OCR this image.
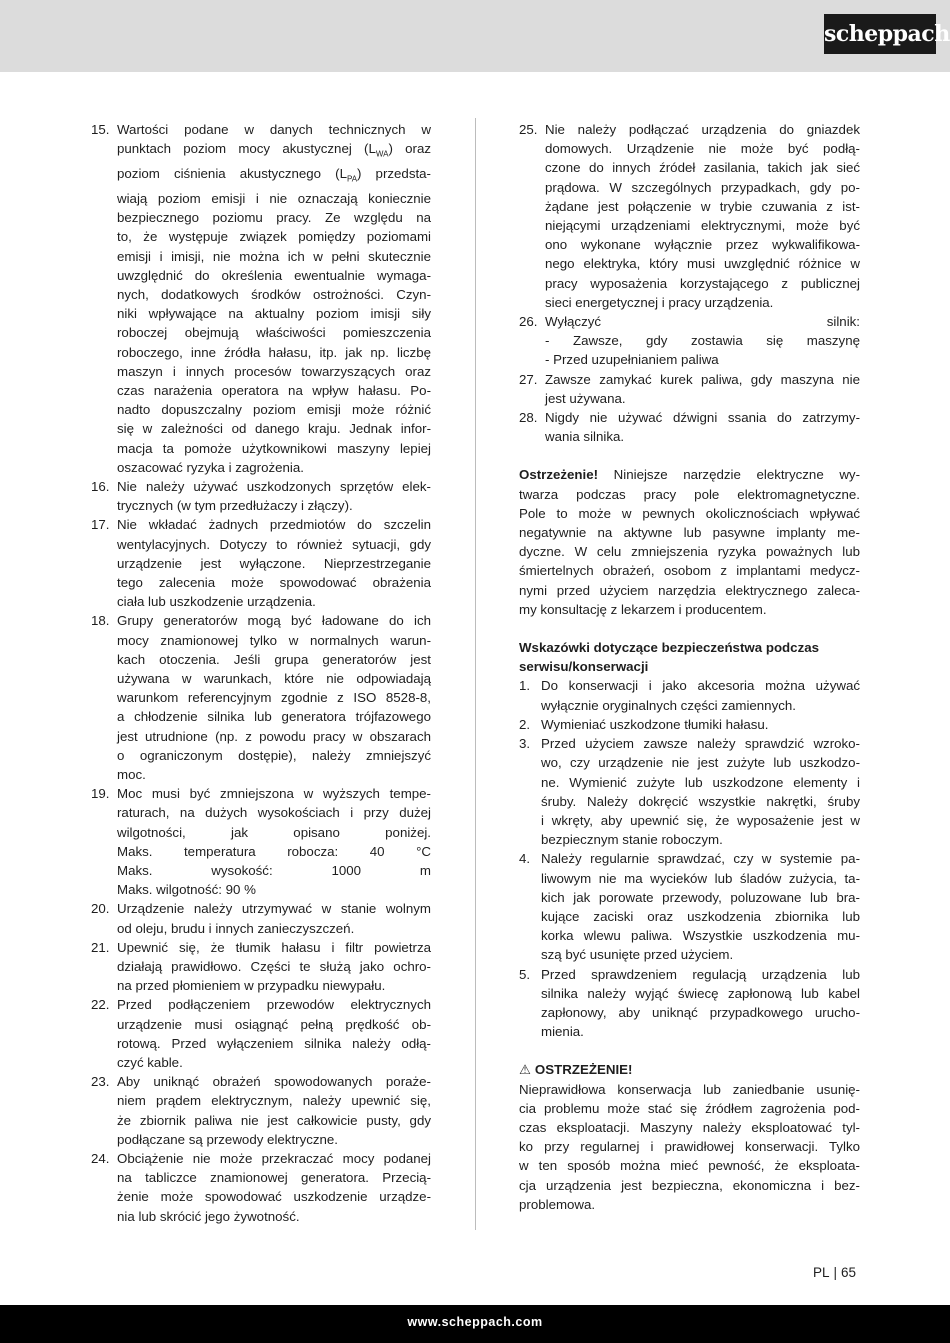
scheppach
15. Wartości podane w danych technicznych w
punktach poziom mocy akustycznej $(L_{WA})$ oraz
poziom ciśnienia akustycznego $(L_{PA})$ przedsta-
wiają poziom emisji i nie oznaczają koniecznie
bezpiecznego poziomu pracy. Ze względu na
to, że występuje związek pomiędzy poziomami
emisji i imisji, nie można ich w pełni skutecznie
uwzględnić do określenia ewentualnie wymaga-
nych, dodatkowych środków ostrożności. Czyn-
niki wpływające na aktualny poziom imisji siły
roboczej obejmują właściwości pomieszczenia
roboczego, inne źródła hałasu, itp. jak np. liczbę
maszyn i innych procesów towarzyszących oraz
czas narażenia operatora na wpływ hałasu. Po-
nadto dopuszczalny poziom emisji może różnić
się w zależności od danego kraju. Jednak infor-
macja ta pomoże użytkownikowi maszyny lepiej
oszacować ryzyka i zagrożenia.
16. Nie należy używać uszkodzonych sprzętów elek-
trycznych (w tym przedłużaczy i złączy).
17. Nie wkładać żadnych przedmiotów do szczelin
wentylacyjnych. Dotyczy to również sytuacji, gdy
urządzenie jest wyłączone. Nieprzestrzeganie
tego zalecenia może spowodować obrażenia
ciała lub uszkodzenie urządzenia.
18. Grupy generatorów mogą być ładowane do ich
mocy znamionowej tylko w normalnych warun-
kach otoczenia. Jeśli grupa generatorów jest
używana w warunkach, które nie odpowiadają
warunkom referencyjnym zgodnie z ISO 8528-8,
a chłodzenie silnika lub generatora trójfazowego
jest utrudnione (np. z powodu pracy w obszarach
o ograniczonym dostępie), należy zmniejszyć
moc.
19. Moc musi być zmniejszona w wyższych tempe-
raturach, na dużych wysokościach i przy dużej
wilgotności, jak opisano poniżej.
Maks. temperatura robocza: 40 °C
Maks. wysokość: 1000 m
Maks. wilgotność: 90 %
20. Urządzenie należy utrzymywać w stanie wolnym
od oleju, brudu i innych zanieczyszczeń.
21. Upewnić się, że tłumik hałasu i filtr powietrza
działają prawidłowo. Części te służą jako ochro-
na przed płomieniem w przypadku niewypału.
22. Przed podłączeniem przewodów elektrycznych
urządzenie musi osiągnąć pełną prędkość ob-
rotową. Przed wyłączeniem silnika należy odłą-
czyć kable.
23. Aby uniknąć obrażeń spowodowanych poraże-
niem prądem elektrycznym, należy upewnić się,
że zbiornik paliwa nie jest całkowicie pusty, gdy
podłączane są przewody elektryczne.
24. Obciążenie nie może przekraczać mocy podanej
na tabliczce znamionowej generatora. Przecią-
żenie może spowodować uszkodzenie urządze-
nia lub skrócić jego żywotność.
25. Nie należy podłączać urządzenia do gniazdek
domowych. Urządzenie nie może być podłą-
czone do innych źródeł zasilania, takich jak sieć
prądowa. W szczególnych przypadkach, gdy po-
żądane jest połączenie w trybie czuwania z ist-
niejącymi urządzeniami elektrycznymi, może być
ono wykonane wyłącznie przez wykwalifikowa-
nego elektryka, który musi uwzględnić różnice w
pracy wyposażenia korzystającego z publicznej
sieci energetycznej i pracy urządzenia.
26. Wyłączyć silnik:
- Zawsze, gdy zostawia się maszynę
- Przed uzupełnianiem paliwa
27. Zawsze zamykać kurek paliwa, gdy maszyna nie
jest używana.
28. Nigdy nie używać dźwigni ssania do zatrzymy-
wania silnika.
Ostrzeżenie! Niniejsze narzędzie elektryczne wy-
twarza podczas pracy pole elektromagnetyczne.
Pole to może w pewnych okolicznościach wpływać
negatywnie na aktywne lub pasywne implanty me-
dyczne. W celu zmniejszenia ryzyka poważnych lub
śmiertelnych obrażeń, osobom z implantami medycz-
nymi przed użyciem narzędzia elektrycznego zaleca-
my konsultację z lekarzem i producentem.
Wskazówki dotyczące bezpieczeństwa podczas
serwisu/konserwacji
1. Do konserwacji i jako akcesoria można używać
wyłącznie oryginalnych części zamiennych.
2. Wymieniać uszkodzone tłumiki hałasu.
3. Przed użyciem zawsze należy sprawdzić wzroko-
wo, czy urządzenie nie jest zużyte lub uszkodzo-
ne. Wymienić zużyte lub uszkodzone elementy i
śruby. Należy dokręcić wszystkie nakrętki, śruby
i wkręty, aby upewnić się, że wyposażenie jest w
bezpiecznym stanie roboczym.
4. Należy regularnie sprawdzać, czy w systemie pa-
liwowym nie ma wycieków lub śladów zużycia, ta-
kich jak porowate przewody, poluzowane lub bra-
kujące zaciski oraz uszkodzenia zbiornika lub
korka wlewu paliwa. Wszystkie uszkodzenia mu-
szą być usunięte przed użyciem.
5. Przed sprawdzeniem regulacją urządzenia lub
silnika należy wyjąć świecę zapłonową lub kabel
zapłonowy, aby uniknąć przypadkowego urucho-
mienia.
⚠ OSTRZEŻENIE!
Nieprawidłowa konserwacja lub zaniedbanie usunię-
cia problemu może stać się źródłem zagrożenia pod-
czas eksploatacji. Maszyny należy eksploatować tyl-
ko przy regularnej i prawidłowej konserwacji. Tylko
w ten sposób można mieć pewność, że eksploata-
cja urządzenia jest bezpieczna, ekonomiczna i bez-
problemowa.
PL | 65
www.scheppach.com
